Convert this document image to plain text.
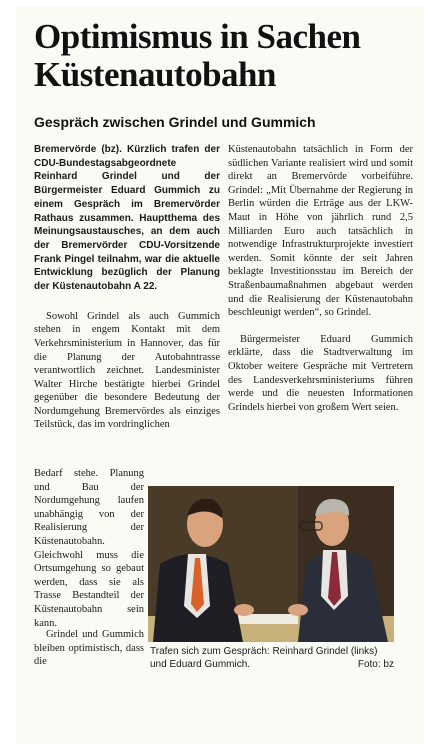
Optimismus in Sachen Küstenautobahn
Gespräch zwischen Grindel und Gummich

Bremervörde (bz). Kürzlich trafen der CDU-Bundestagsabgeordnete Reinhard Grindel und der Bürgermeister Eduard Gummich zu einem Gespräch im Bremervörder Rathaus zusammen. Hauptthema des Meinungsaustausches, an dem auch der Bremervörder CDU-Vorsitzende Frank Pingel teilnahm, war die aktuelle Entwicklung bezüglich der Planung der Küstenautobahn A 22.

Sowohl Grindel als auch Gummich stehen in engem Kontakt mit dem Verkehrsministerium in Hannover, das für die Planung der Autobahntrasse verantwortlich zeichnet. Landesminister Walter Hirche bestätigte hierbei Grindel gegenüber die besondere Bedeutung der Nordumgehung Bremervördes als einziges Teilstück, das im vordringlichen

Bedarf stehe. Planung und Bau der Nordumgehung laufen unabhängig von der Realisierung der Küstenautobahn. Gleichwohl muss die Ortsumgehung so gebaut werden, dass sie als Trasse Bestandteil der Küstenautobahn sein kann.

Grindel und Gummich bleiben optimistisch, dass die

Küstenautobahn tatsächlich in Form der südlichen Variante realisiert wird und somit direkt an Bremervörde vorbeiführe. Grindel: „Mit Übernahme der Regierung in Berlin würden die Erträge aus der LKW-Maut in Höhe von jährlich rund 2,5 Milliarden Euro auch tatsächlich in notwendige Infrastrukturprojekte investiert werden. Somit könnte der seit Jahren beklagte Investitionsstau im Bereich der Straßenbaumaßnahmen abgebaut werden und die Realisierung der Küstenautobahn beschleunigt werden“, so Grindel.

Bürgermeister Eduard Gummich erklärte, dass die Stadtverwaltung im Oktober weitere Gespräche mit Vertretern des Landesverkehrsministeriums führen werde und die neuesten Informationen Grindels hierbei von großem Wert seien.

Trafen sich zum Gespräch: Reinhard Grindel (links) und Eduard Gummich.	Foto: bz
